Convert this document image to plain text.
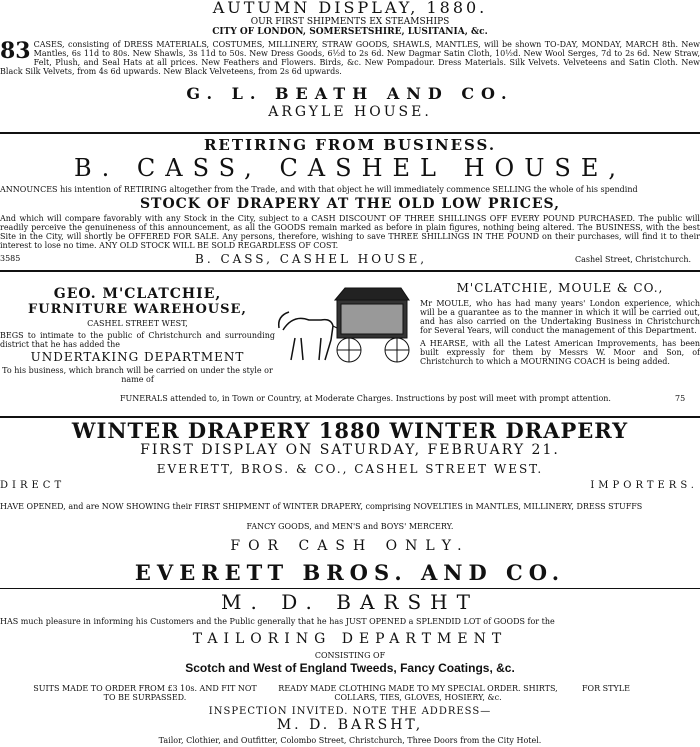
AUTUMN DISPLAY, 1880.
OUR FIRST SHIPMENTS EX STEAMSHIPS
CITY OF LONDON, SOMERSETSHIRE, LUSITANIA, &c.
83 CASES, consisting of DRESS MATERIALS, COSTUMES, MILLINERY, STRAW GOODS, SHAWLS, MANTLES, will be shown TO-DAY, MONDAY, MARCH 8th. New Mantles, 6s 11d to 80s. New Shawls, 3s 11d to 50s. New Dress Goods, 6½d to 2s 6d. New Dagmar Satin Cloth, 10½d. New Wool Serges, 7d to 2s 6d. New Straw, Felt, Plush, and Seal Hats at all prices. New Feathers and Flowers. Birds, &c. New Pompadour. Dress Materials. Silk Velvets. Velveteens and Satin Cloth. New Black Silk Velvets, from 4s 6d upwards. New Black Velveteens, from 2s 6d upwards.
G. L. BEATH AND CO.
ARGYLE HOUSE.
RETIRING FROM BUSINESS.
B. CASS, CASHEL HOUSE,
ANNOUNCES his intention of RETIRING altogether from the Trade, and with that object he will immediately commence SELLING the whole of his spendind
STOCK OF DRAPERY AT THE OLD LOW PRICES,
And which will compare favorably with any Stock in the City, subject to a CASH DISCOUNT OF THREE SHILLINGS OFF EVERY POUND PURCHASED. The public will readily perceive the genuineness of this announcement, as all the GOODS remain marked as before in plain figures, nothing being altered. The BUSINESS, with the best Site in the City, will shortly be OFFERED FOR SALE. Any persons, therefore, wishing to save THREE SHILLINGS IN THE POUND on their purchases, will find it to their interest to lose no time. ANY OLD STOCK WILL BE SOLD REGARDLESS OF COST.
3585	B. CASS, CASHEL HOUSE,	Cashel Street, Christchurch.
GEO. M'CLATCHIE,
FURNITURE WAREHOUSE,
CASHEL STREET WEST,
BEGS to intimate to the public of Christchurch and surrounding district that he has added the
UNDERTAKING DEPARTMENT
To his business, which branch will be carried on under the style or name of
M'CLATCHIE, MOULE & CO.,
Mr MOULE, who has had many years' London experience, which will be a guarantee as to the manner in which it will be carried out, and has also carried on the Undertaking Business in Christchurch for Several Years, will conduct the management of this Department.
A HEARSE, with all the Latest American Improvements, has been built expressly for them by Messrs W. Moor and Son, of Christchurch to which a MOURNING COACH is being added.
FUNERALS attended to, in Town or Country, at Moderate Charges. Instructions by post will meet with prompt attention.	75
WINTER DRAPERY 1880 WINTER DRAPERY
FIRST DISPLAY ON SATURDAY, FEBRUARY 21.
EVERETT, BROS. & CO., CASHEL STREET WEST.
DIRECT	IMPORTERS.
HAVE OPENED, and are NOW SHOWING their FIRST SHIPMENT of WINTER DRAPERY, comprising NOVELTIES in MANTLES, MILLINERY, DRESS STUFFS
FANCY GOODS, and MEN'S and BOYS' MERCERY.
FOR CASH ONLY.
EVERETT BROS. AND CO.
M. D. BARSHT
HAS much pleasure in informing his Customers and the Public generally that he has JUST OPENED a SPLENDID LOT of GOODS for the
TAILORING DEPARTMENT
CONSISTING OF
Scotch and West of England Tweeds, Fancy Coatings, &c.
SUITS MADE TO ORDER FROM £3 10s. AND FIT NOT TO BE SURPASSED.
READY MADE CLOTHING MADE TO MY SPECIAL ORDER. SHIRTS, COLLARS, TIES, GLOVES, HOSIERY, &c.
FOR STYLE
INSPECTION INVITED. NOTE THE ADDRESS—
M. D. BARSHT,
Tailor, Clothier, and Outfitter, Colombo Street, Christchurch, Three Doors from the City Hotel.
